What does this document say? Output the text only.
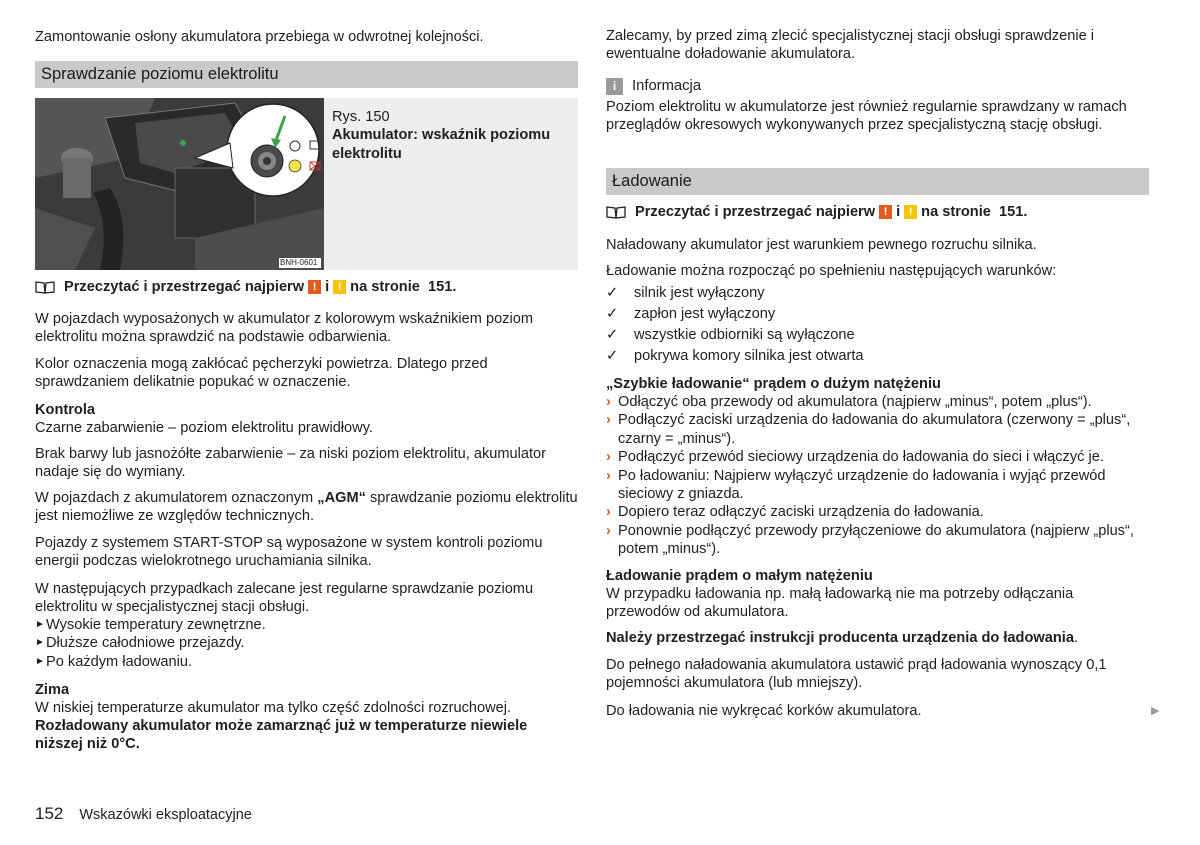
Zamontowanie osłony akumulatora przebiega w odwrotnej kolejności.

Sprawdzanie poziomu elektrolitu
BNH-0601
Rys. 150
Akumulator: wskaźnik poziomu elektrolitu
Przeczytać i przestrzegać najpierw ! i ! na stronie
151.

W pojazdach wyposażonych w akumulator z kolorowym wskaźnikiem poziom elektrolitu można sprawdzić na podstawie odbarwienia.

Kolor oznaczenia mogą zakłócać pęcherzyki powietrza. Dlatego przed sprawdzaniem delikatnie popukać w oznaczenie.

Kontrola

Czarne zabarwienie – poziom elektrolitu prawidłowy.

Brak barwy lub jasnożółte zabarwienie – za niski poziom elektrolitu, akumulator nadaje się do wymiany.

W pojazdach z akumulatorem oznaczonym „AGM“ sprawdzanie poziomu elektrolitu jest niemożliwe ze względów technicznych.

Pojazdy z systemem START-STOP są wyposażone w system kontroli poziomu energii podczas wielokrotnego uruchamiania silnika.

W następujących przypadkach zalecane jest regularne sprawdzanie poziomu elektrolitu w specjalistycznej stacji obsługi.

► Wysokie temperatury zewnętrzne.
► Dłuższe całodniowe przejazdy.
► Po każdym ładowaniu.

Zima

W niskiej temperaturze akumulator ma tylko część zdolności rozruchowej.

Rozładowany akumulator może zamarznąć już w temperaturze niewiele niższej niż 0°C.

Zalecamy, by przed zimą zlecić specjalistycznej stacji obsługi sprawdzenie i ewentualne doładowanie akumulatora.

i	Informacja

Poziom elektrolitu w akumulatorze jest również regularnie sprawdzany w ramach przeglądów okresowych wykonywanych przez specjalistyczną stację obsługi.

Ładowanie
Przeczytać i przestrzegać najpierw ! i ! na stronie
151.

Naładowany akumulator jest warunkiem pewnego rozruchu silnika.

Ładowanie można rozpocząć po spełnieniu następujących warunków:

✓	silnik jest wyłączony
✓	zapłon jest wyłączony
✓	wszystkie odbiorniki są wyłączone
✓	pokrywa komory silnika jest otwarta

„Szybkie ładowanie“ prądem o dużym natężeniu

› Odłączyć oba przewody od akumulatora (najpierw „minus“, potem „plus“).
› Podłączyć zaciski urządzenia do ładowania do akumulatora (czerwony = „plus“, czarny = „minus“).
› Podłączyć przewód sieciowy urządzenia do ładowania do sieci i włączyć je.
› Po ładowaniu: Najpierw wyłączyć urządzenie do ładowania i wyjąć przewód sieciowy z gniazda.
› Dopiero teraz odłączyć zaciski urządzenia do ładowania.
› Ponownie podłączyć przewody przyłączeniowe do akumulatora (najpierw „plus“, potem „minus“).

Ładowanie prądem o małym natężeniu

W przypadku ładowania np. małą ładowarką nie ma potrzeby odłączania przewodów od akumulatora.

Należy przestrzegać instrukcji producenta urządzenia do ładowania.

Do pełnego naładowania akumulatora ustawić prąd ładowania wynoszący 0,1 pojemności akumulatora (lub mniejszy).

Do ładowania nie wykręcać korków akumulatora.	▶
152 Wskazówki eksploatacyjne
